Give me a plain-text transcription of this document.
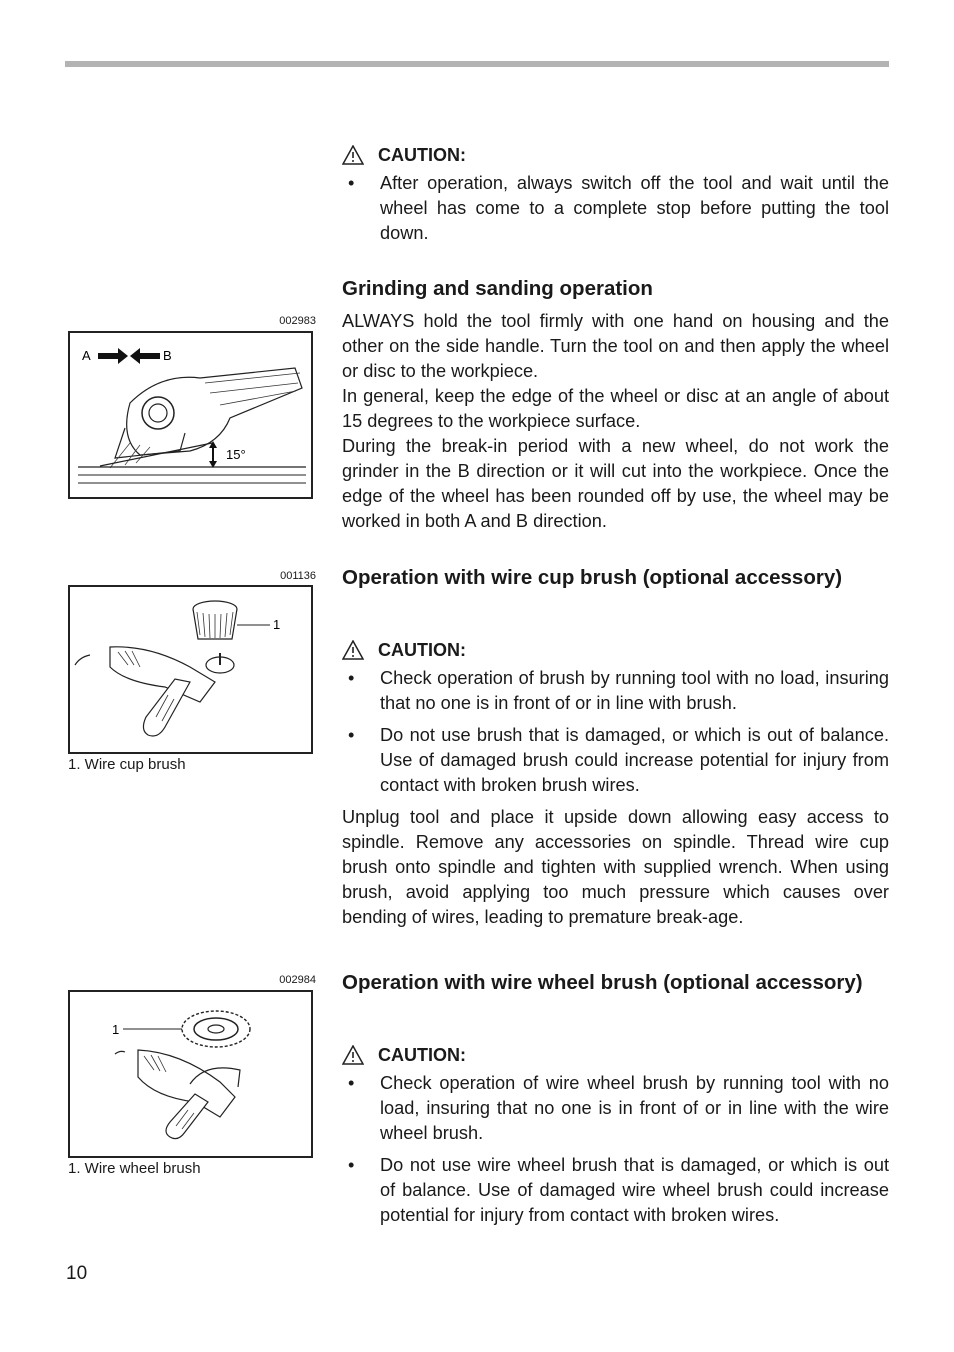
CAUTION:
• After operation, always switch off the tool and wait until the wheel has come to a complete stop before putting the tool down.
Grinding and sanding operation
ALWAYS hold the tool firmly with one hand on housing and the other on the side handle. Turn the tool on and then apply the wheel or disc to the workpiece.
In general, keep the edge of the wheel or disc at an angle of about 15 degrees to the workpiece surface.
During the break-in period with a new wheel, do not work the grinder in the B direction or it will cut into the workpiece. Once the edge of the wheel has been rounded off by use, the wheel may be worked in both A and B direction.
002983
A	B
15°
Operation with wire cup brush (optional accessory)
CAUTION:
• Check operation of brush by running tool with no load, insuring that no one is in front of or in line with brush.
• Do not use brush that is damaged, or which is out of balance. Use of damaged brush could increase potential for injury from contact with broken brush wires.
Unplug tool and place it upside down allowing easy access to spindle. Remove any accessories on spindle. Thread wire cup brush onto spindle and tighten with supplied wrench. When using brush, avoid applying too much pressure which causes over bending of wires, leading to premature break-age.
001136
1
1. Wire cup brush
Operation with wire wheel brush (optional accessory)
CAUTION:
• Check operation of wire wheel brush by running tool with no load, insuring that no one is in front of or in line with the wire wheel brush.
• Do not use wire wheel brush that is damaged, or which is out of balance. Use of damaged wire wheel brush could increase potential for injury from contact with broken wires.
002984
1
1. Wire wheel brush
10
